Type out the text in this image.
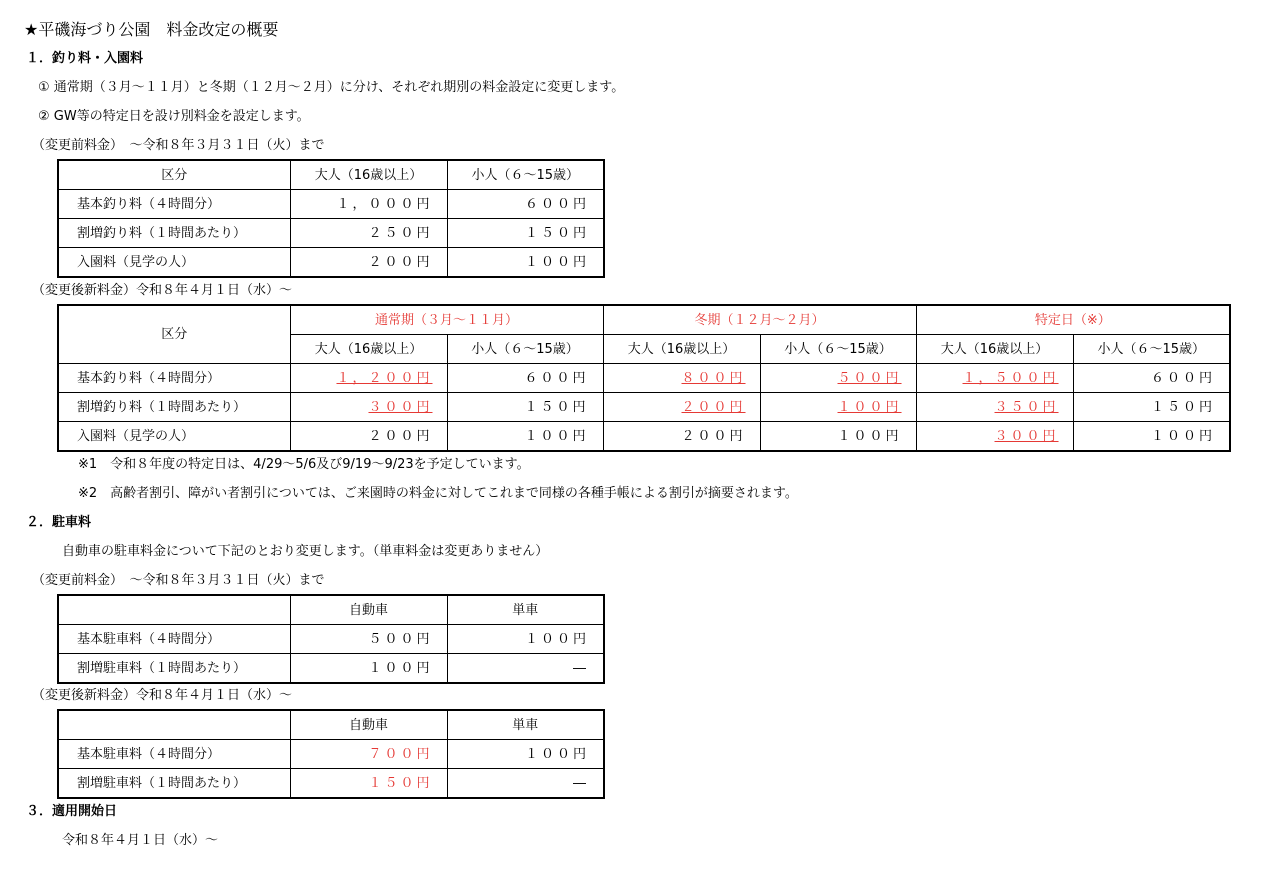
★平磯海づり公園　料金改定の概要
１．釣り料・入園料
① 通常期（３月～１１月）と冬期（１２月～２月）に分け、それぞれ期別の料金設定に変更します。
② GW等の特定日を設け別料金を設定します。
（変更前料金）　～令和８年３月３１日（火）まで
区分	大人（16歳以上）	小人（６～15歳）
基本釣り料（４時間分）	１，０００円	６００円
割増釣り料（１時間あたり）	２５０円	１５０円
入園料（見学の人）	２００円	１００円
（変更後新料金）令和８年４月１日（水）～
区分	通常期（３月～１１月）		冬期（１２月～２月）		特定日（※）	
	大人（16歳以上）	小人（６～15歳）	大人（16歳以上）	小人（６～15歳）	大人（16歳以上）	小人（６～15歳）
基本釣り料（４時間分）	１，２００円	６００円	８００円	５００円	１，５００円	６００円
割増釣り料（１時間あたり）	３００円	１５０円	２００円	１００円	３５０円	１５０円
入園料（見学の人）	２００円	１００円	２００円	１００円	３００円	１００円
※1　令和８年度の特定日は、4/29～5/6及び9/19～9/23を予定しています。
※2　高齢者割引、障がい者割引については、ご来園時の料金に対してこれまで同様の各種手帳による割引が摘要されます。
２．駐車料
自動車の駐車料金について下記のとおり変更します。（単車料金は変更ありません）
（変更前料金）　～令和８年３月３１日（火）まで
	自動車	単車
基本駐車料（４時間分）	５００円	１００円
割増駐車料（１時間あたり）	１００円	―
（変更後新料金）令和８年４月１日（水）～
	自動車	単車
基本駐車料（４時間分）	７００円	１００円
割増駐車料（１時間あたり）	１５０円	―
３．適用開始日
令和８年４月１日（水）～
